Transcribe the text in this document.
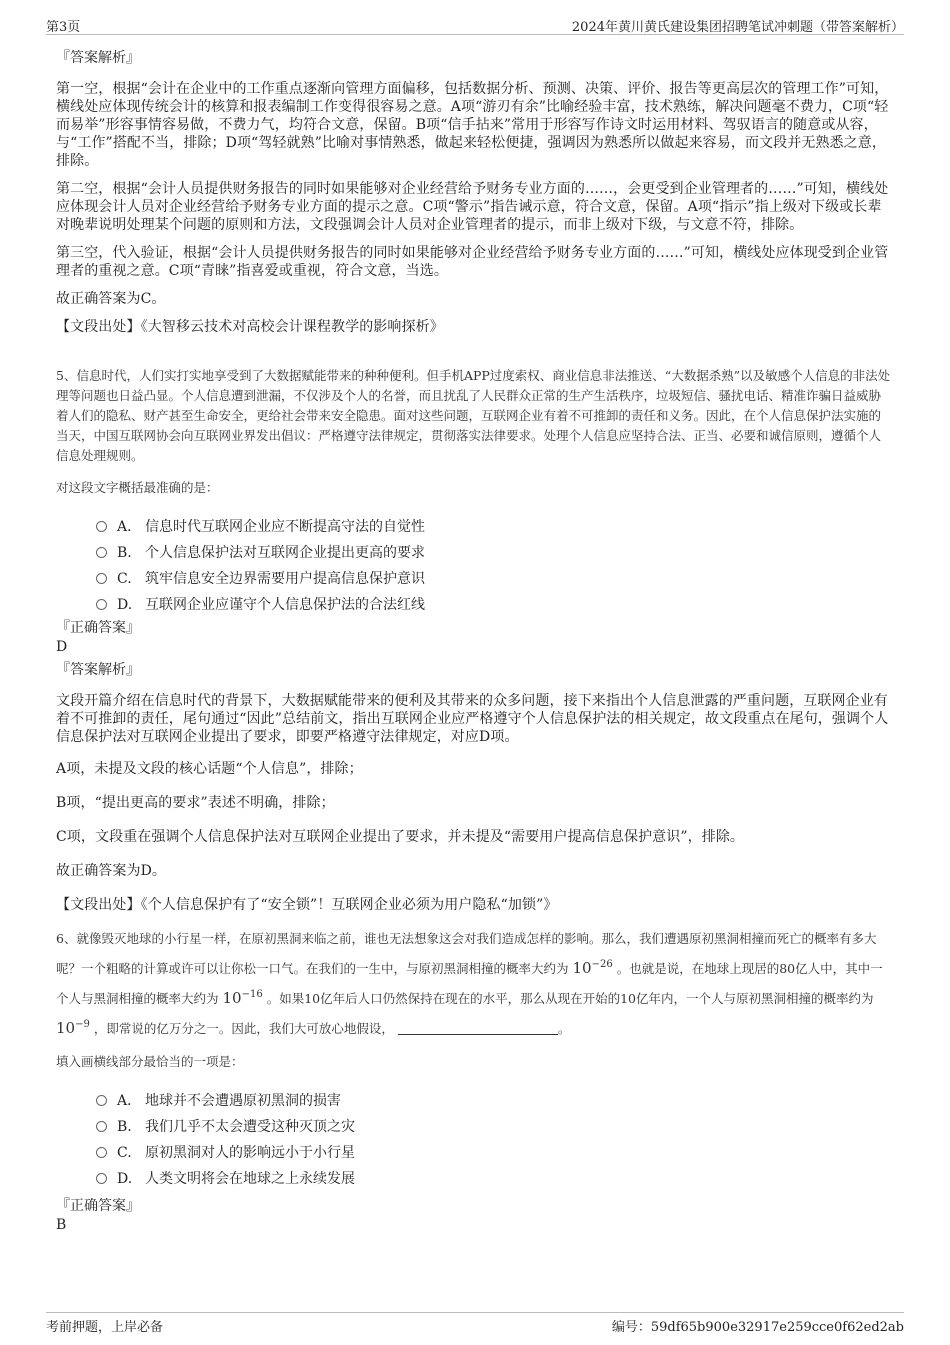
第3页	2024年黄川黄氏建设集团招聘笔试冲刺题（带答案解析）
『答案解析』

第一空，根据“会计在企业中的工作重点逐渐向管理方面偏移，包括数据分析、预测、决策、评价、报告等更高层次的管理工作”可知，横线处应体现传统会计的核算和报表编制工作变得很容易之意。A项“游刃有余”比喻经验丰富，技术熟练，解决问题毫不费力，C项“轻而易举”形容事情容易做，不费力气，均符合文意，保留。B项“信手拈来”常用于形容写作诗文时运用材料、驾驭语言的随意或从容，与“工作”搭配不当，排除；D项“驾轻就熟”比喻对事情熟悉，做起来轻松便捷，强调因为熟悉所以做起来容易，而文段并无熟悉之意，排除。

第二空，根据“会计人员提供财务报告的同时如果能够对企业经营给予财务专业方面的……，会更受到企业管理者的……”可知，横线处应体现会计人员对企业经营给予财务专业方面的提示之意。C项“警示”指告诫示意，符合文意，保留。A项“指示”指上级对下级或长辈对晚辈说明处理某个问题的原则和方法，文段强调会计人员对企业管理者的提示，而非上级对下级，与文意不符，排除。

第三空，代入验证，根据“会计人员提供财务报告的同时如果能够对企业经营给予财务专业方面的……”可知，横线处应体现受到企业管理者的重视之意。C项“青睐”指喜爱或重视，符合文意，当选。

故正确答案为C。

【文段出处】《大智移云技术对高校会计课程教学的影响探析》

5、信息时代，人们实打实地享受到了大数据赋能带来的种种便利。但手机APP过度索权、商业信息非法推送、“大数据杀熟”以及敏感个人信息的非法处理等问题也日益凸显。个人信息遭到泄漏，不仅涉及个人的名誉，而且扰乱了人民群众正常的生产生活秩序，垃圾短信、骚扰电话、精准诈骗日益威胁着人们的隐私、财产甚至生命安全，更给社会带来安全隐患。面对这些问题，互联网企业有着不可推卸的责任和义务。因此，在个人信息保护法实施的当天，中国互联网协会向互联网业界发出倡议：严格遵守法律规定，贯彻落实法律要求。处理个人信息应坚持合法、正当、必要和诚信原则，遵循个人信息处理规则。

对这段文字概括最准确的是：
A． 信息时代互联网企业应不断提高守法的自觉性
B. 个人信息保护法对互联网企业提出更高的要求
C. 筑牢信息安全边界需要用户提高信息保护意识
D. 互联网企业应谨守个人信息保护法的合法红线
『正确答案』
D
『答案解析』

文段开篇介绍在信息时代的背景下，大数据赋能带来的便利及其带来的众多问题，接下来指出个人信息泄露的严重问题，互联网企业有着不可推卸的责任，尾句通过“因此”总结前文，指出互联网企业应严格遵守个人信息保护法的相关规定，故文段重点在尾句，强调个人信息保护法对互联网企业提出了要求，即要严格遵守法律规定，对应D项。

A项，未提及文段的核心话题“个人信息”，排除；

B项，“提出更高的要求”表述不明确，排除；

C项，文段重在强调个人信息保护法对互联网企业提出了要求，并未提及“需要用户提高信息保护意识”，排除。

故正确答案为D。

【文段出处】《个人信息保护有了“安全锁”！互联网企业必须为用户隐私“加锁”》

6、就像毁灭地球的小行星一样，在原初黑洞来临之前，谁也无法想象这会对我们造成怎样的影响。那么，我们遭遇原初黑洞相撞而死亡的概率有多大呢？一个粗略的计算或许可以让你松一口气。在我们的一生中，与原初黑洞相撞的概率大约为 $10^{-26}$ 。也就是说，在地球上现居的80亿人中，其中一个人与黑洞相撞的概率大约为 $10^{-16}$ 。如果10亿年后人口仍然保持在现在的水平，那么从现在开始的10亿年内，一个人与原初黑洞相撞的概率约为 $10^{-9}$ ，即常说的亿万分之一。因此，我们大可放心地假设，	。

填入画横线部分最恰当的一项是：
A． 地球并不会遭遇原初黑洞的损害
B. 我们几乎不太会遭受这种灭顶之灾
C. 原初黑洞对人的影响远小于小行星
D. 人类文明将会在地球之上永续发展
『正确答案』
B
考前押题，上岸必备	编号：59df65b900e32917e259cce0f62ed2ab
